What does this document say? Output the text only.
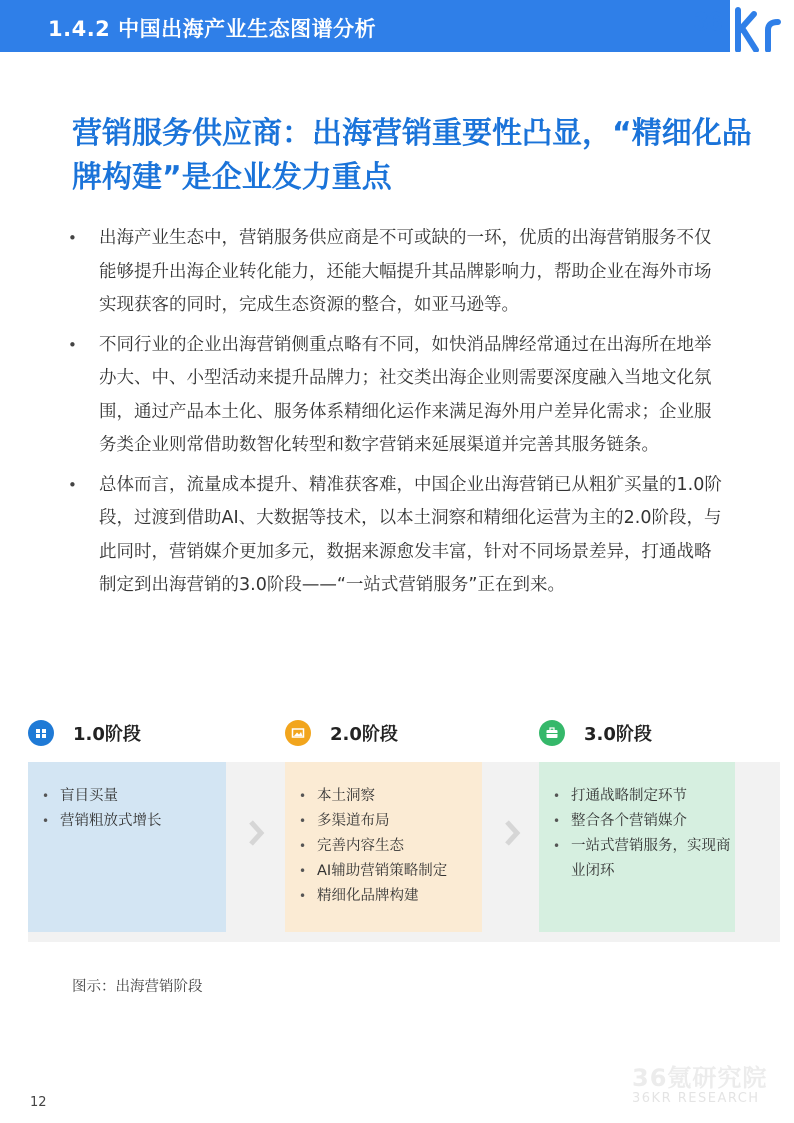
1.4.2 中国出海产业生态图谱分析	36
营销服务供应商：出海营销重要性凸显，“精细化品牌构建”是企业发力重点
• 出海产业生态中，营销服务供应商是不可或缺的一环，优质的出海营销服务不仅能够提升出海企业转化能力，还能大幅提升其品牌影响力，帮助企业在海外市场实现获客的同时，完成生态资源的整合，如亚马逊等。
• 不同行业的企业出海营销侧重点略有不同，如快消品牌经常通过在出海所在地举办大、中、小型活动来提升品牌力；社交类出海企业则需要深度融入当地文化氛围，通过产品本土化、服务体系精细化运作来满足海外用户差异化需求；企业服务类企业则常借助数智化转型和数字营销来延展渠道并完善其服务链条。
• 总体而言，流量成本提升、精准获客难，中国企业出海营销已从粗犷买量的1.0阶段，过渡到借助AI、大数据等技术，以本土洞察和精细化运营为主的2.0阶段，与此同时，营销媒介更加多元，数据来源愈发丰富，针对不同场景差异，打通战略制定到出海营销的3.0阶段——“一站式营销服务”正在到来。
1.0阶段	2.0阶段	3.0阶段
• 盲目买量
• 营销粗放式增长
• 本土洞察
• 多渠道布局
• 完善内容生态
• AI辅助营销策略制定
• 精细化品牌构建
• 打通战略制定环节
• 整合各个营销媒介
• 一站式营销服务，实现商业闭环
图示：出海营销阶段
12
36氪研究院
36KR RESEARCH
